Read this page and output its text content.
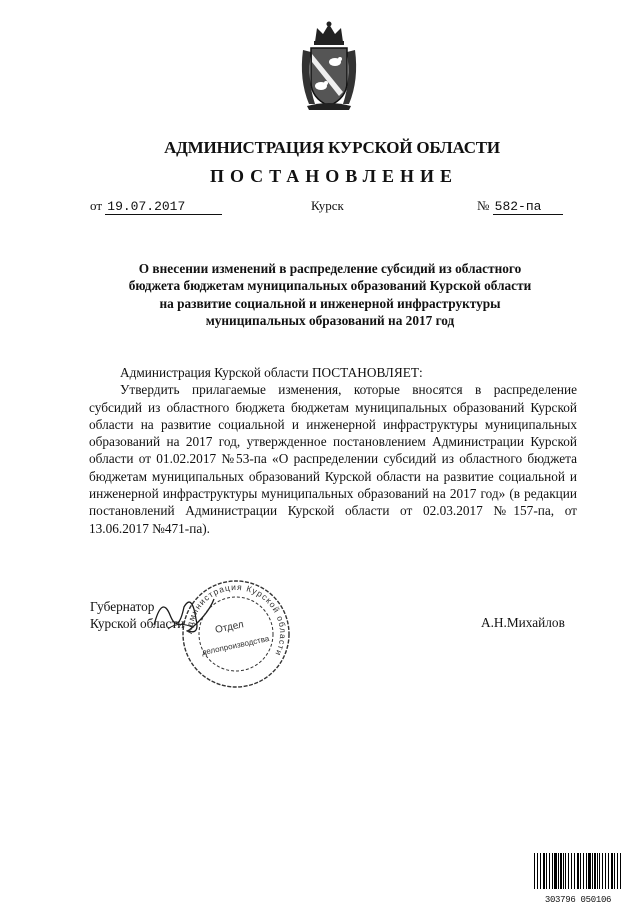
АДМИНИСТРАЦИЯ КУРСКОЙ ОБЛАСТИ
ПОСТАНОВЛЕНИЕ
от 19.07.2017	Курск	№ 582-па
О внесении изменений в распределение субсидий из областного
бюджета бюджетам муниципальных образований Курской области
на развитие социальной и инженерной инфраструктуры
муниципальных образований на 2017 год

Администрация Курской области ПОСТАНОВЛЯЕТ:

Утвердить прилагаемые изменения, которые вносятся в распределение субсидий из областного бюджета бюджетам муниципальных образований Курской области на развитие социальной и инженерной инфраструктуры муниципальных образований на 2017 год, утвержденное постановлением Администрации Курской области от 01.02.2017 №53-па «О распределении субсидий из областного бюджета бюджетам муниципальных образований Курской области на развитие социальной и инженерной инфраструктуры муниципальных образований на 2017 год» (в редакции постановлений Администрации Курской области от 02.03.2017 №157-па, от 13.06.2017 №471-па).

Губернатор
Курской области	А.Н.Михайлов
Администрация Курской области
Отдел
делопроизводства
303796 050106
